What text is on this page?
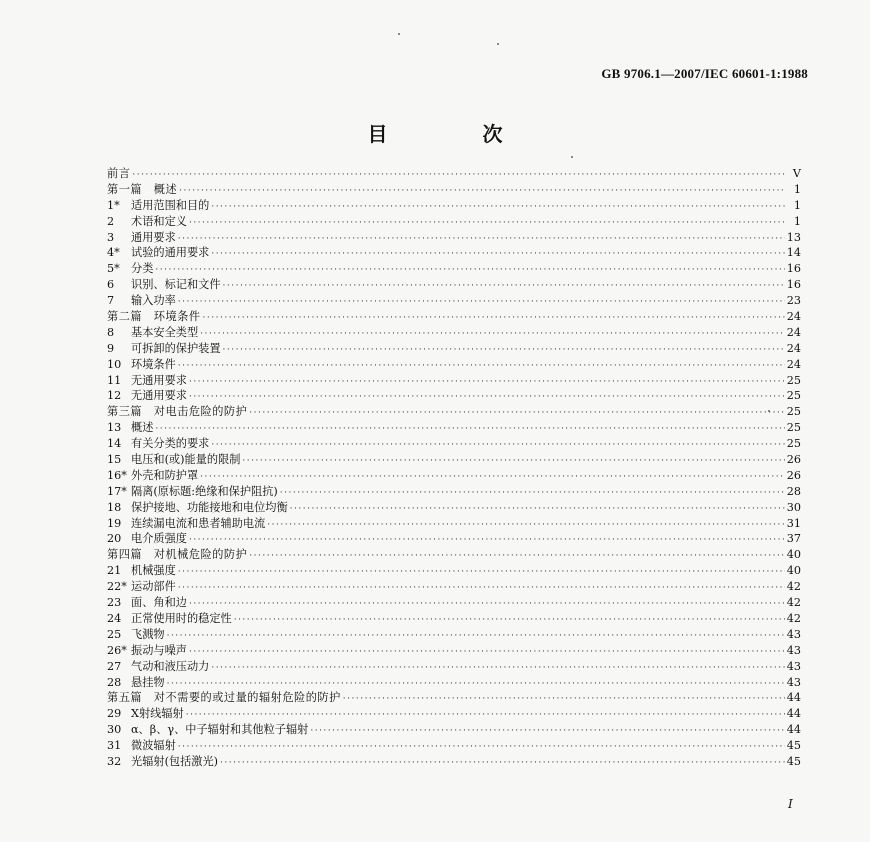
GB 9706.1—2007/IEC 60601-1:1988
目 次
前言 ·····	V
第一篇　概述 ·····	1
1*	适用范围和目的 ·····	1
2	术语和定义 ·····	1
3	通用要求 ·····	13
4*	试验的通用要求 ·····	14
5*	分类 ·····	16
6	识别、标记和文件 ·····	16
7	输入功率 ·····	23
第二篇　环境条件 ·····	24
8	基本安全类型 ·····	24
9	可拆卸的保护装置 ·····	24
10 环境条件 ·····	24
11 无通用要求 ·····	25
12 无通用要求 ·····	25
第三篇　对电击危险的防护 ·····	25
13 概述 ·····	25
14 有关分类的要求 ·····	25
15 电压和(或)能量的限制 ·····	26
16* 外壳和防护罩 ·····	26
17* 隔离(原标题:绝缘和保护阻抗) ·····	28
18 保护接地、功能接地和电位均衡 ·····	30
19 连续漏电流和患者辅助电流 ·····	31
20 电介质强度 ·····	37
第四篇　对机械危险的防护 ·····	40
21 机械强度 ·····	40
22* 运动部件 ·····	42
23 面、角和边 ·····	42
24 正常使用时的稳定性 ·····	42
25 飞溅物 ·····	43
26* 振动与噪声 ·····	43
27 气动和液压动力 ·····	43
28 悬挂物 ·····	43
第五篇　对不需要的或过量的辐射危险的防护 ·····	44
29 X射线辐射 ·····	44
30 α、β、γ、中子辐射和其他粒子辐射 ·····	44
31 微波辐射 ·····	45
32 光辐射(包括激光) ·····	45
I
